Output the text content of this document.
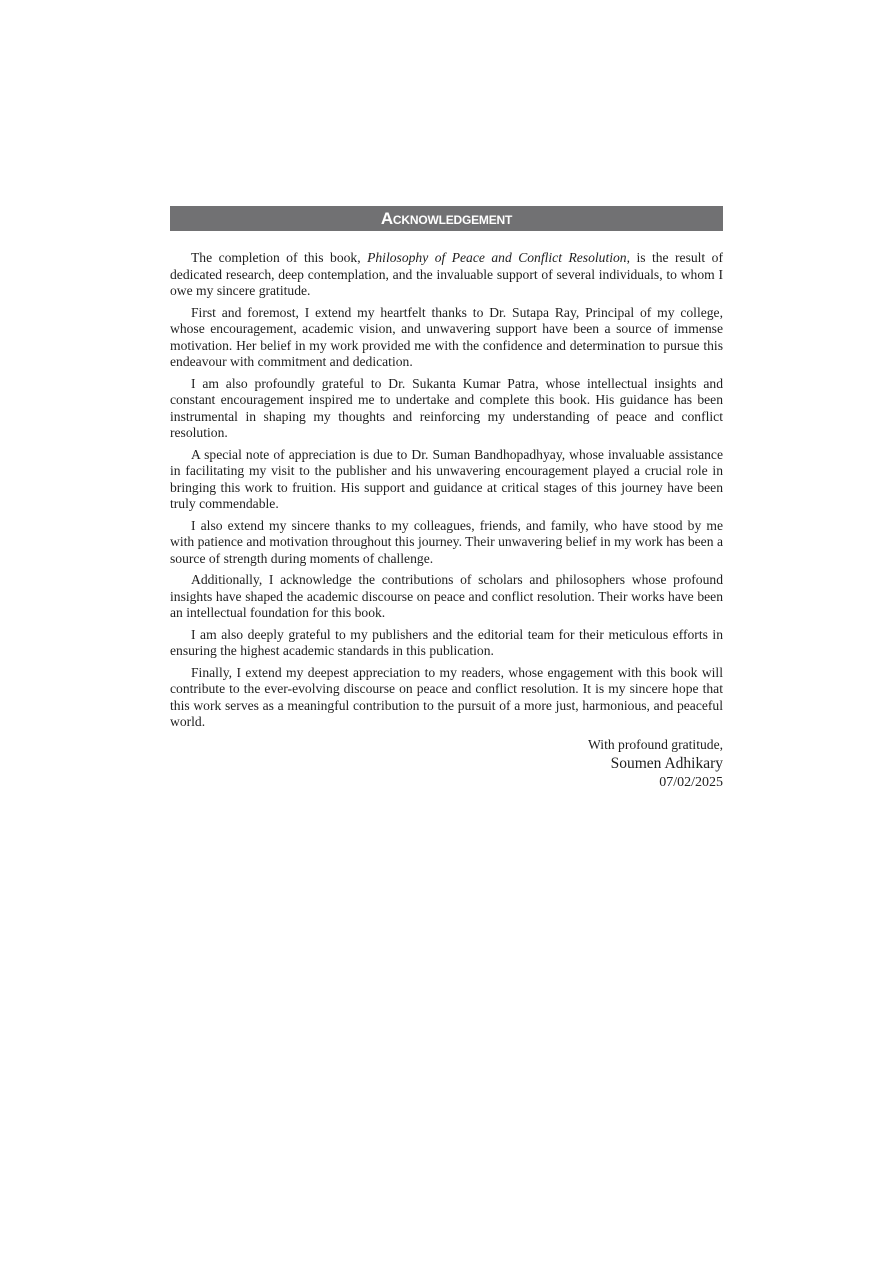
Acknowledgement

The completion of this book, Philosophy of Peace and Conflict Resolution, is the result of dedicated research, deep contemplation, and the invaluable support of several individuals, to whom I owe my sincere gratitude.

First and foremost, I extend my heartfelt thanks to Dr. Sutapa Ray, Principal of my college, whose encouragement, academic vision, and unwavering support have been a source of immense motivation. Her belief in my work provided me with the confidence and determination to pursue this endeavour with commitment and dedication.

I am also profoundly grateful to Dr. Sukanta Kumar Patra, whose intellectual insights and constant encouragement inspired me to undertake and complete this book. His guidance has been instrumental in shaping my thoughts and reinforcing my understanding of peace and conflict resolution.

A special note of appreciation is due to Dr. Suman Bandhopadhyay, whose invaluable assistance in facilitating my visit to the publisher and his unwavering encouragement played a crucial role in bringing this work to fruition. His support and guidance at critical stages of this journey have been truly commendable.

I also extend my sincere thanks to my colleagues, friends, and family, who have stood by me with patience and motivation throughout this journey. Their unwavering belief in my work has been a source of strength during moments of challenge.

Additionally, I acknowledge the contributions of scholars and philosophers whose profound insights have shaped the academic discourse on peace and conflict resolution. Their works have been an intellectual foundation for this book.

I am also deeply grateful to my publishers and the editorial team for their meticulous efforts in ensuring the highest academic standards in this publication.

Finally, I extend my deepest appreciation to my readers, whose engagement with this book will contribute to the ever-evolving discourse on peace and conflict resolution. It is my sincere hope that this work serves as a meaningful contribution to the pursuit of a more just, harmonious, and peaceful world.

With profound gratitude,
Soumen Adhikary
07/02/2025
